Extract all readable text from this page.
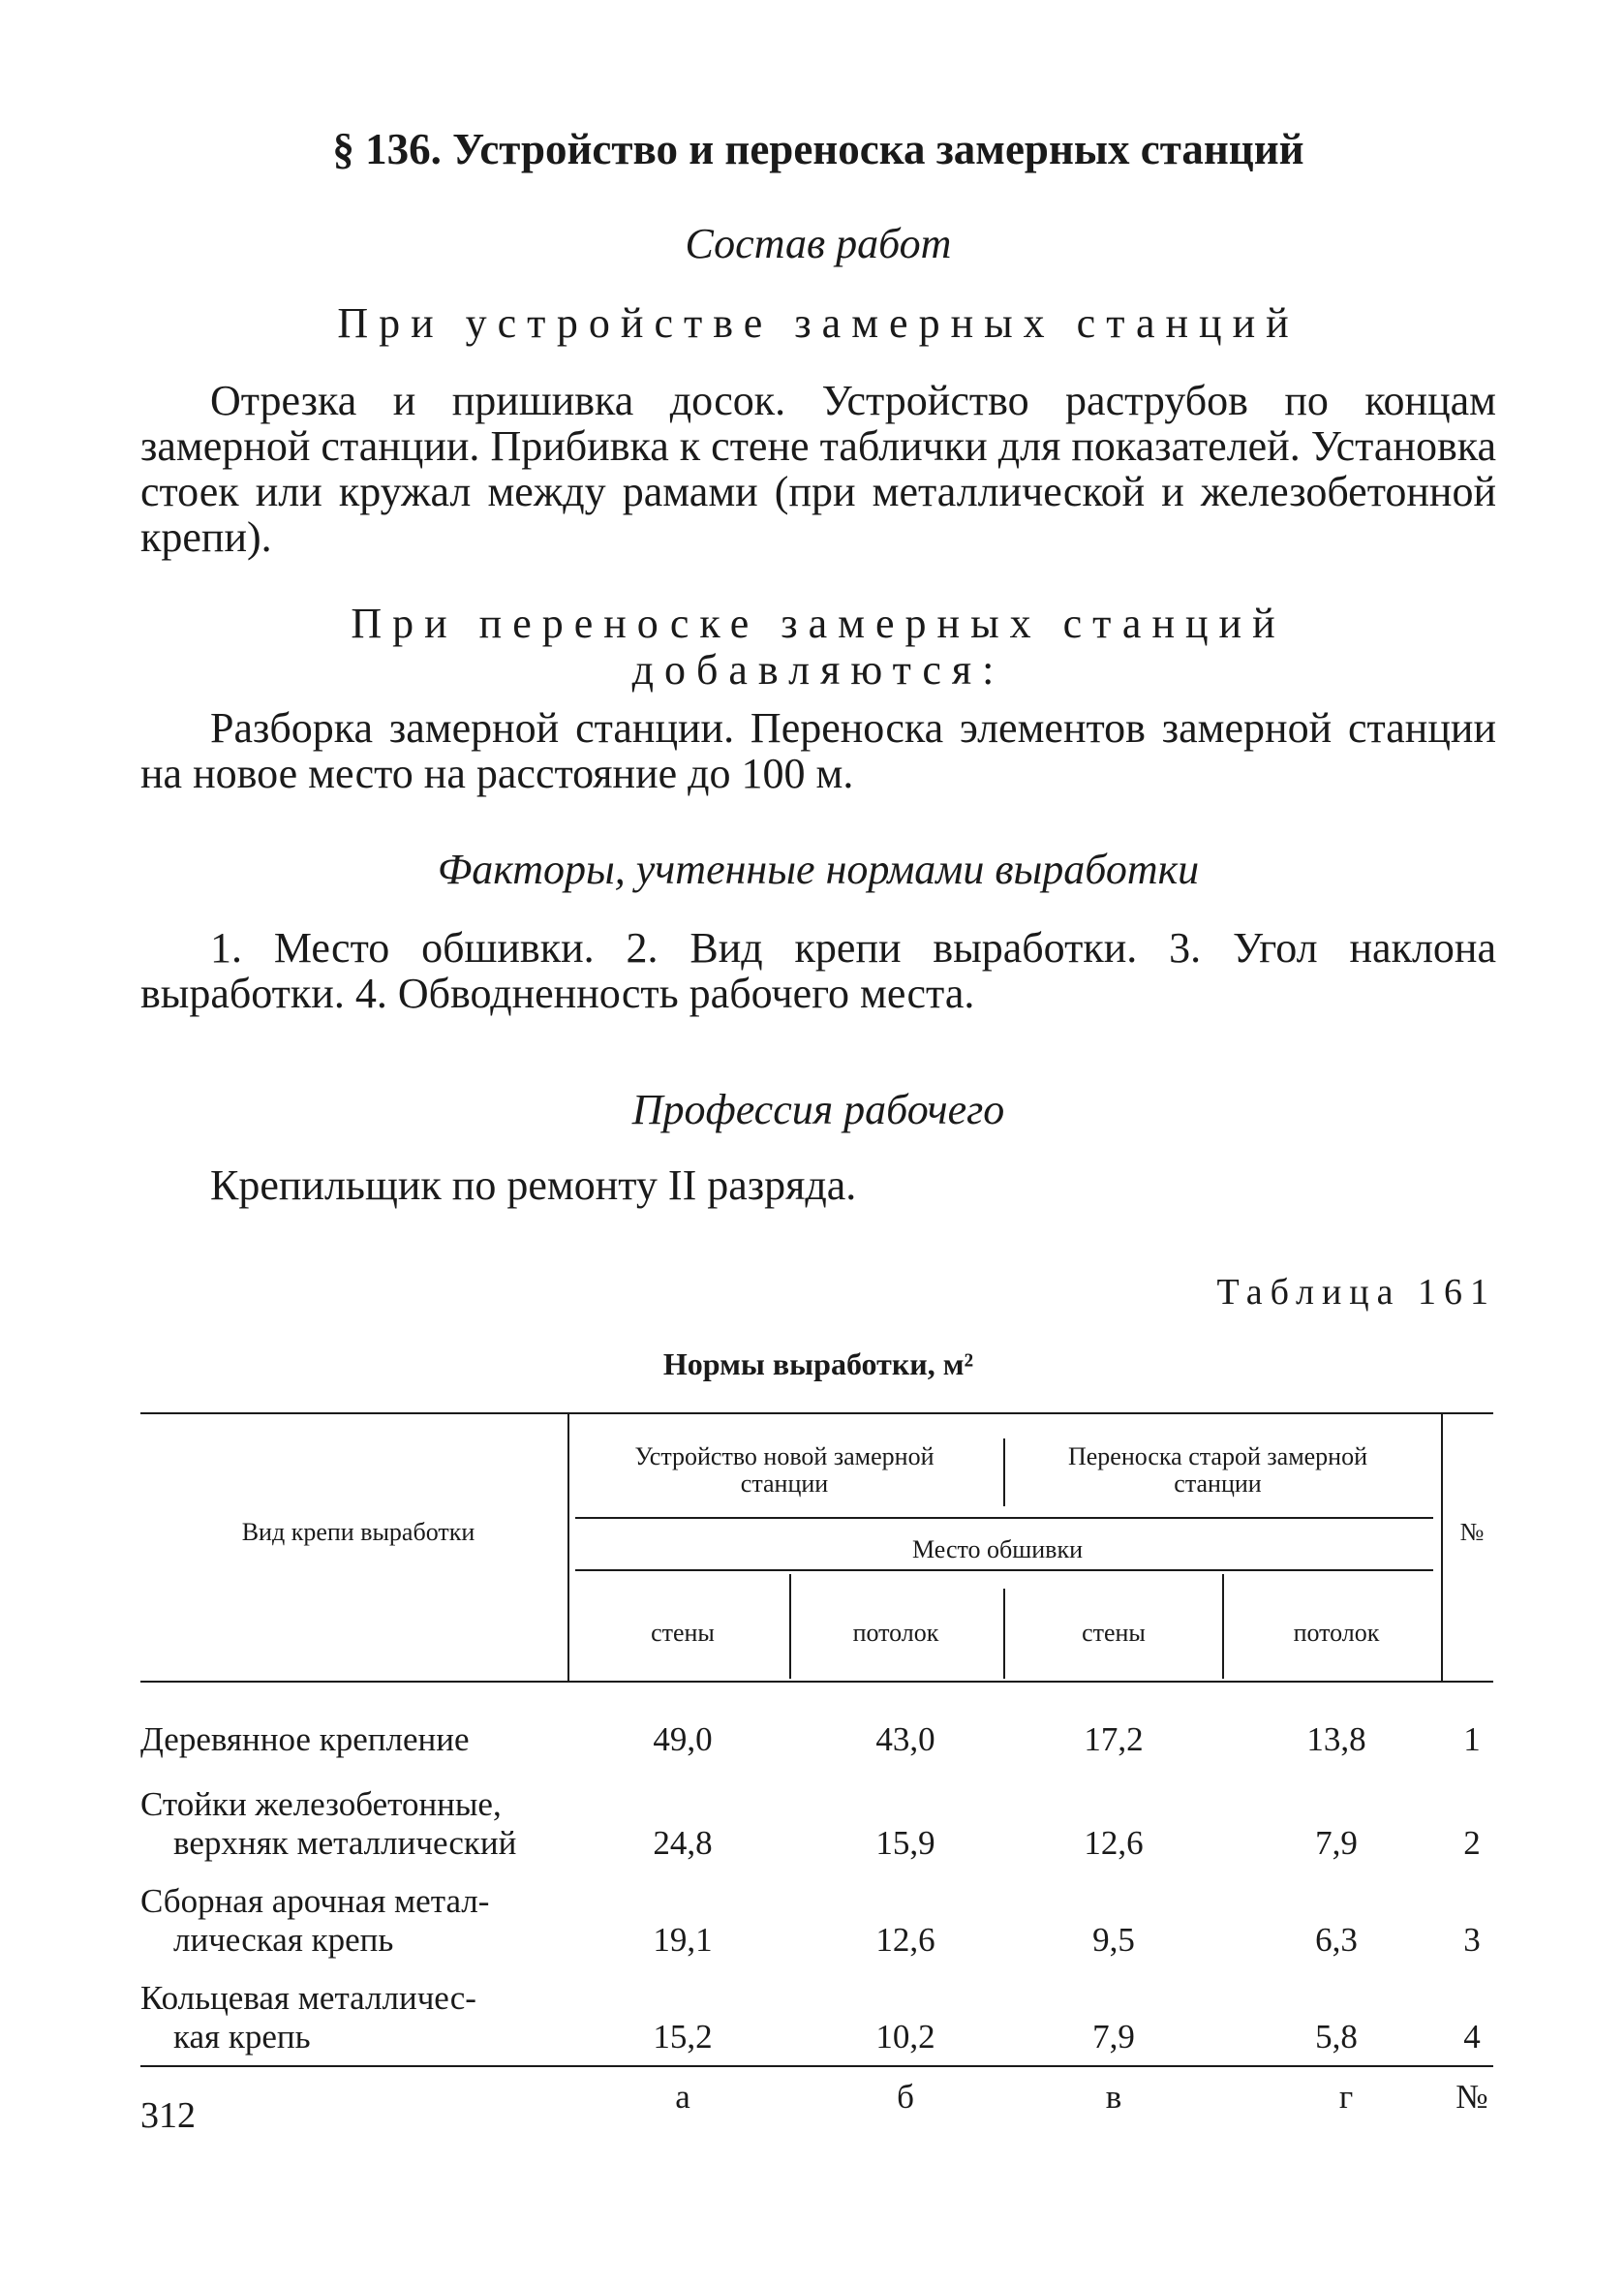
§ 136. Устройство и переноска замерных станций

Состав работ

При устройстве замерных станций

Отрезка и пришивка досок. Устройство раструбов по концам замерной станции. Прибивка к стене таблички для показателей. Установка стоек или кружал между рамами (при металлической и железобетонной крепи).

При переноске замерных станций

добавляются:

Разборка замерной станции. Переноска элементов замерной станции на новое место на расстояние до 100 м.

Факторы, учтенные нормами выработки

1. Место обшивки. 2. Вид крепи выработки. 3. Угол наклона выработки. 4. Обводненность рабочего места.

Профессия рабочего

Крепильщик по ремонту II разряда.

Таблица 161

Нормы выработки, м²

Вид крепи выработки

Устройство новой замерной станции

Переноска старой замерной станции

Место обшивки

стены	потолок	стены	потолок

№

Деревянное крепление	49,0	43,0	17,2	13,8	1

Стойки железобетонные,
верхняк металлический	24,8	15,9	12,6	7,9	2

Сборная арочная метал-
лическая крепь	19,1	12,6	9,5	6,3	3

Кольцевая металличес-
кая крепь	15,2	10,2	7,9	5,8	4

а	б	в	г	№

312
